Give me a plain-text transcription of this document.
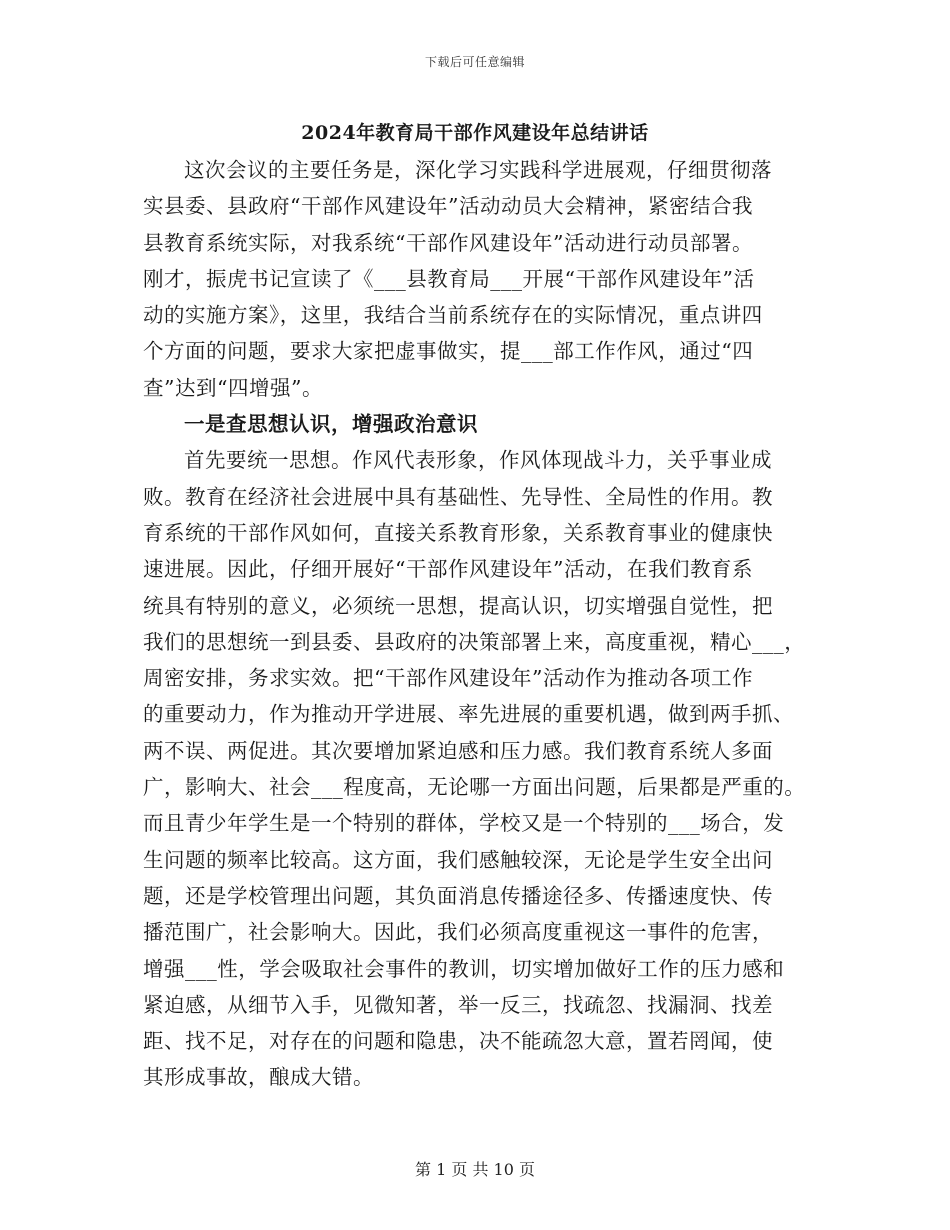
下载后可任意编辑
2024年教育局干部作风建设年总结讲话
这次会议的主要任务是，深化学习实践科学进展观，仔细贯彻落
实县委、县政府“干部作风建设年”活动动员大会精神，紧密结合我
县教育系统实际，对我系统“干部作风建设年”活动进行动员部署。
刚才，振虎书记宣读了《___县教育局___开展“干部作风建设年”活
动的实施方案》，这里，我结合当前系统存在的实际情况，重点讲四
个方面的问题，要求大家把虚事做实，提___部工作作风，通过“四
查”达到“四增强”。
一是查思想认识，增强政治意识
首先要统一思想。作风代表形象，作风体现战斗力，关乎事业成
败。教育在经济社会进展中具有基础性、先导性、全局性的作用。教
育系统的干部作风如何，直接关系教育形象，关系教育事业的健康快
速进展。因此，仔细开展好“干部作风建设年”活动，在我们教育系
统具有特别的意义，必须统一思想，提高认识，切实增强自觉性，把
我们的思想统一到县委、县政府的决策部署上来，高度重视，精心___，
周密安排，务求实效。把“干部作风建设年”活动作为推动各项工作
的重要动力，作为推动开学进展、率先进展的重要机遇，做到两手抓、
两不误、两促进。其次要增加紧迫感和压力感。我们教育系统人多面
广，影响大、社会___程度高，无论哪一方面出问题，后果都是严重的。
而且青少年学生是一个特别的群体，学校又是一个特别的___场合，发
生问题的频率比较高。这方面，我们感触较深，无论是学生安全出问
题，还是学校管理出问题，其负面消息传播途径多、传播速度快、传
播范围广，社会影响大。因此，我们必须高度重视这一事件的危害，
增强___性，学会吸取社会事件的教训，切实增加做好工作的压力感和
紧迫感，从细节入手，见微知著，举一反三，找疏忽、找漏洞、找差
距、找不足，对存在的问题和隐患，决不能疏忽大意，置若罔闻，使
其形成事故，酿成大错。
第 1 页 共 10 页
